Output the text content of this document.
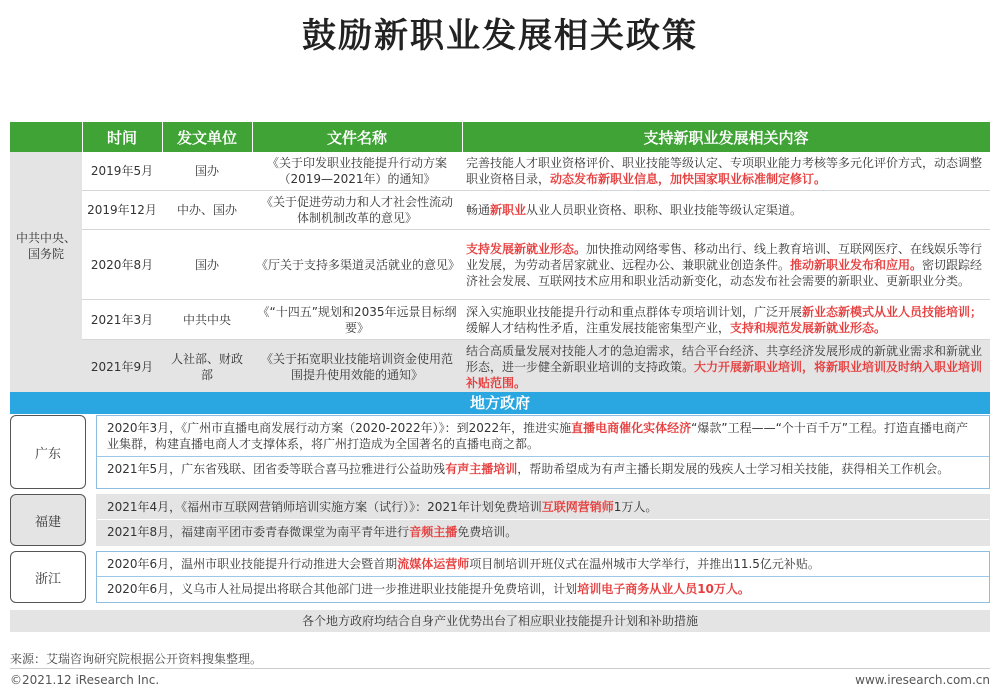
鼓励新职业发展相关政策
	时间	发文单位	文件名称	支持新职业发展相关内容
中共中央、国务院	2019年5月	国办	《关于印发职业技能提升行动方案（2019—2021年）的通知》	完善技能人才职业资格评价、职业技能等级认定、专项职业能力考核等多元化评价方式，动态调整职业资格目录，动态发布新职业信息，加快国家职业标准制定修订。
	2019年12月	中办、国办	《关于促进劳动力和人才社会性流动体制机制改革的意见》	畅通新职业从业人员职业资格、职称、职业技能等级认定渠道。
	2020年8月	国办	《厅关于支持多渠道灵活就业的意见》	支持发展新就业形态。加快推动网络零售、移动出行、线上教育培训、互联网医疗、在线娱乐等行业发展，为劳动者居家就业、远程办公、兼职就业创造条件。推动新职业发布和应用。密切跟踪经济社会发展、互联网技术应用和职业活动新变化，动态发布社会需要的新职业、更新职业分类。
	2021年3月	中共中央	《“十四五”规划和2035年远景目标纲要》	深入实施职业技能提升行动和重点群体专项培训计划，广泛开展新业态新模式从业人员技能培训；缓解人才结构性矛盾，注重发展技能密集型产业，支持和规范发展新就业形态。
	2021年9月	人社部、财政部	《关于拓宽职业技能培训资金使用范围提升使用效能的通知》	结合高质量发展对技能人才的急迫需求，结合平台经济、共享经济发展形成的新就业需求和新就业形态，进一步健全新职业培训的支持政策。大力开展新职业培训，将新职业培训及时纳入职业培训补贴范围。
地方政府
广东
2020年3月，《广州市直播电商发展行动方案（2020-2022年）》：到2022年，推进实施直播电商催化实体经济“爆款”工程——“个十百千万”工程。打造直播电商产业集群，构建直播电商人才支撑体系，将广州打造成为全国著名的直播电商之都。
2021年5月，广东省残联、团省委等联合喜马拉雅进行公益助残有声主播培训，帮助希望成为有声主播长期发展的残疾人士学习相关技能，获得相关工作机会。
福建
2021年4月，《福州市互联网营销师培训实施方案（试行）》：2021年计划免费培训互联网营销师1万人。
2021年8月，福建南平团市委青春微课堂为南平青年进行音频主播免费培训。
浙江
2020年6月，温州市职业技能提升行动推进大会暨首期流媒体运营师项目制培训开班仪式在温州城市大学举行，并推出11.5亿元补贴。
2020年6月，义乌市人社局提出将联合其他部门进一步推进职业技能提升免费培训，计划培训电子商务从业人员10万人。
各个地方政府均结合自身产业优势出台了相应职业技能提升计划和补助措施
来源：艾瑞咨询研究院根据公开资料搜集整理。
©2021.12 iResearch Inc.	www.iresearch.com.cn
